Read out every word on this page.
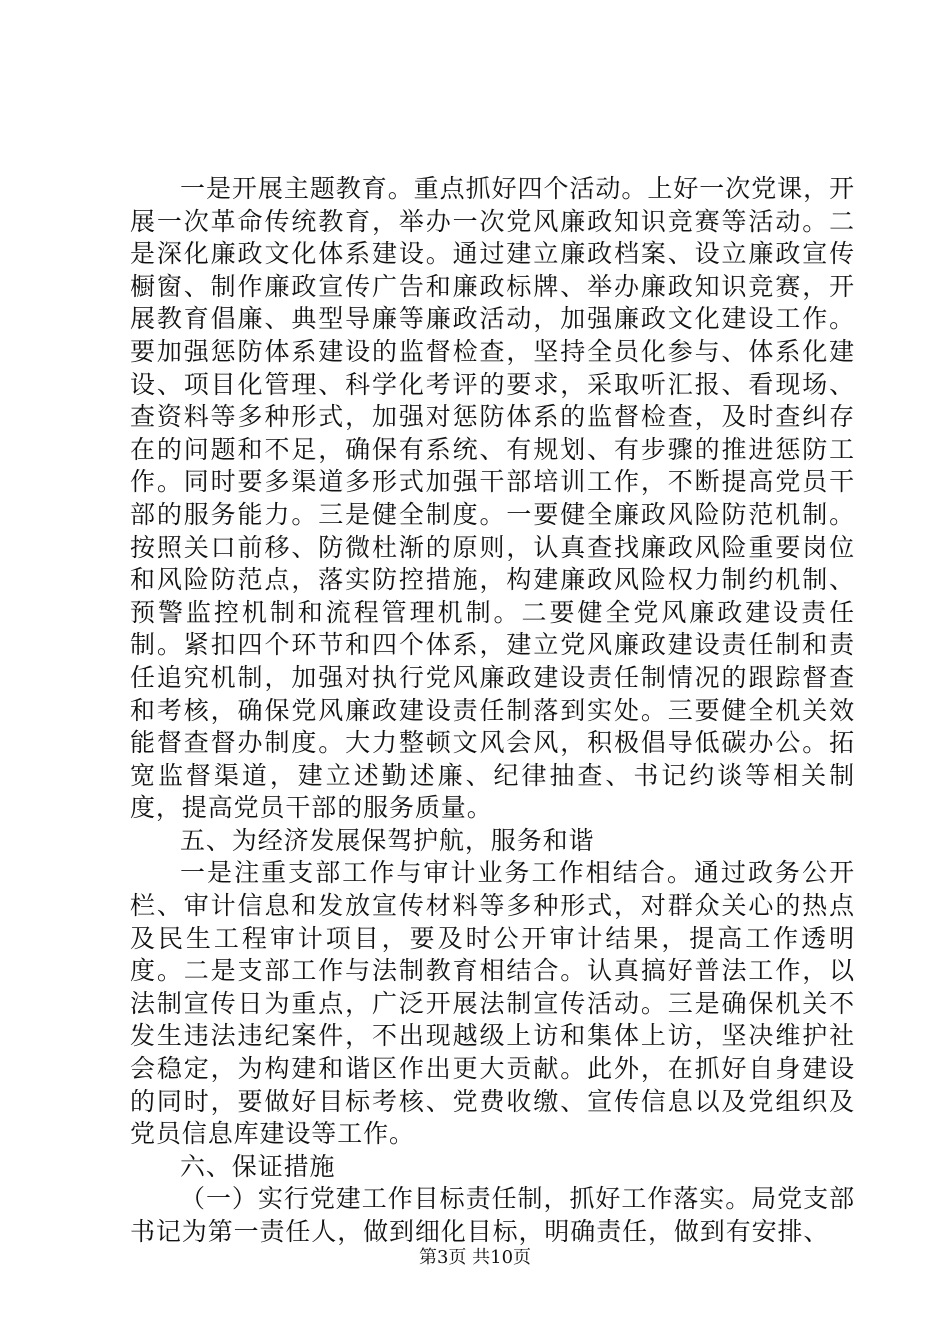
一是开展主题教育。重点抓好四个活动。上好一次党课，开展一次革命传统教育，举办一次党风廉政知识竞赛等活动。二是深化廉政文化体系建设。通过建立廉政档案、设立廉政宣传橱窗、制作廉政宣传广告和廉政标牌、举办廉政知识竞赛，开展教育倡廉、典型导廉等廉政活动，加强廉政文化建设工作。要加强惩防体系建设的监督检查，坚持全员化参与、体系化建设、项目化管理、科学化考评的要求，采取听汇报、看现场、查资料等多种形式，加强对惩防体系的监督检查，及时查纠存在的问题和不足，确保有系统、有规划、有步骤的推进惩防工作。同时要多渠道多形式加强干部培训工作，不断提高党员干部的服务能力。三是健全制度。一要健全廉政风险防范机制。按照关口前移、防微杜渐的原则，认真查找廉政风险重要岗位和风险防范点，落实防控措施，构建廉政风险权力制约机制、预警监控机制和流程管理机制。二要健全党风廉政建设责任制。紧扣四个环节和四个体系，建立党风廉政建设责任制和责任追究机制，加强对执行党风廉政建设责任制情况的跟踪督查和考核，确保党风廉政建设责任制落到实处。三要健全机关效能督查督办制度。大力整顿文风会风，积极倡导低碳办公。拓宽监督渠道，建立述勤述廉、纪律抽查、书记约谈等相关制度，提高党员干部的服务质量。

五、为经济发展保驾护航，服务和谐

一是注重支部工作与审计业务工作相结合。通过政务公开栏、审计信息和发放宣传材料等多种形式，对群众关心的热点及民生工程审计项目，要及时公开审计结果，提高工作透明度。二是支部工作与法制教育相结合。认真搞好普法工作，以法制宣传日为重点，广泛开展法制宣传活动。三是确保机关不发生违法违纪案件，不出现越级上访和集体上访，坚决维护社会稳定，为构建和谐区作出更大贡献。此外，在抓好自身建设的同时，要做好目标考核、党费收缴、宣传信息以及党组织及党员信息库建设等工作。

六、保证措施

（一）实行党建工作目标责任制，抓好工作落实。局党支部书记为第一责任人，做到细化目标，明确责任，做到有安排、

第3页 共10页
